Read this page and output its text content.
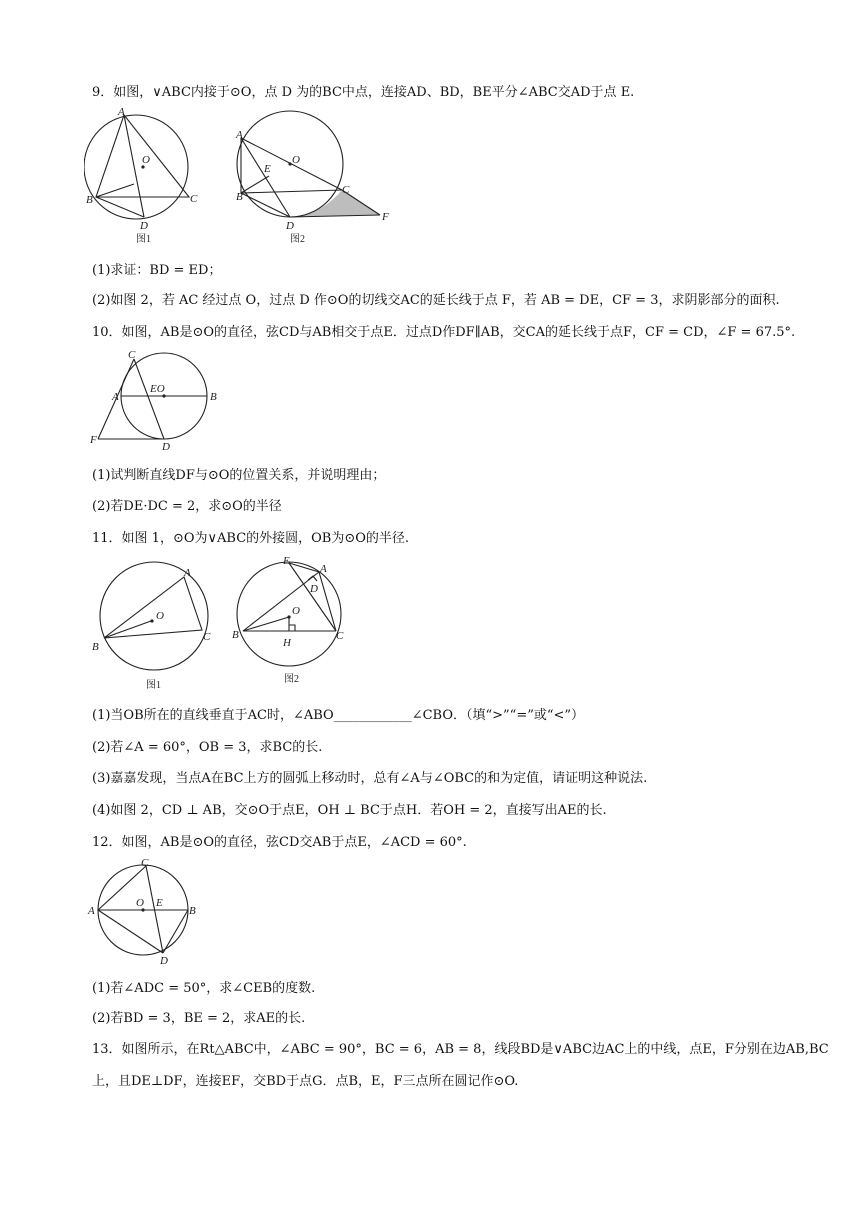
9．如图，∨ABC内接于⊙O，点 D 为的BC中点，连接AD、BD，BE平分∠ABC交AD于点 E.
A
B	C
D
O
图1
A
B
C
D
E
F
O
图2
(1)求证：BD = ED；
(2)如图 2，若 AC 经过点 O，过点 D 作⊙O的切线交AC的延长线于点 F，若 AB = DE，CF = 3，求阴影部分的面积.
10．如图，AB是⊙O的直径，弦CD与AB相交于点E．过点D作DF∥AB，交CA的延长线于点F，CF = CD，∠F = 67.5°.
C
A
EO
B
F
D
(1)试判断直线DF与⊙O的位置关系，并说明理由；
(2)若DE·DC = 2，求⊙O的半径
11．如图 1，⊙O为∨ABC的外接圆，OB为⊙O的半径.
A
B
C
O
图1
E
A
D
O
B	C
H
图2
(1)当OB所在的直线垂直于AC时，∠ABO____________∠CBO．（填“>”“=”或“<”）
(2)若∠A = 60°，OB = 3，求BC的长.
(3)嘉嘉发现，当点A在BC上方的圆弧上移动时，总有∠A与∠OBC的和为定值，请证明这种说法.
(4)如图 2，CD ⊥ AB，交⊙O于点E，OH ⊥ BC于点H．若OH = 2，直接写出AE的长.
12．如图，AB是⊙O的直径，弦CD交AB于点E，∠ACD = 60°.
C
A
O E
B
D
(1)若∠ADC = 50°，求∠CEB的度数.
(2)若BD = 3，BE = 2，求AE的长.
13．如图所示，在Rt△ABC中，∠ABC = 90°，BC = 6，AB = 8，线段BD是∨ABC边AC上的中线，点E，F分别在边AB,BC
上，且DE⊥DF，连接EF，交BD于点G．点B，E，F三点所在圆记作⊙O.
